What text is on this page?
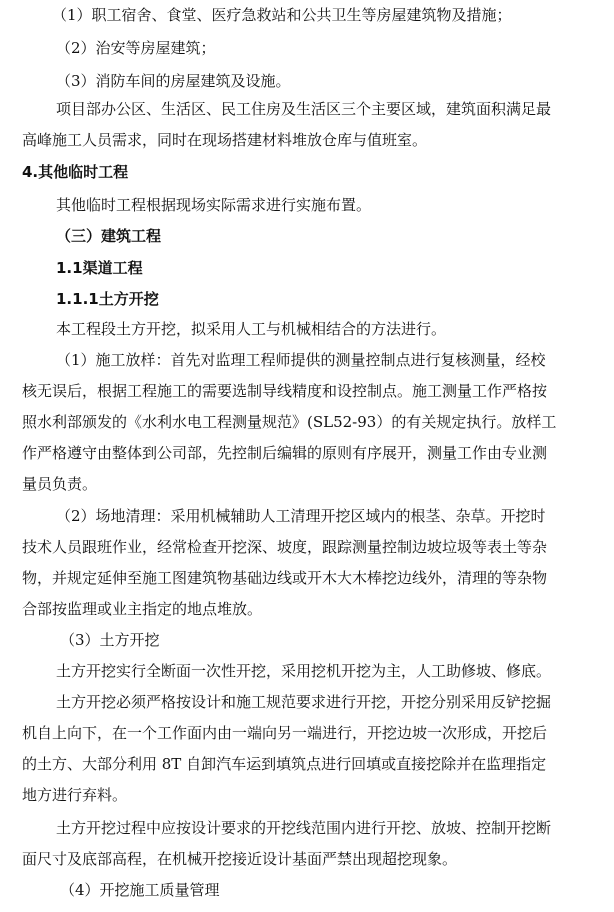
（1）职工宿舍、食堂、医疗急救站和公共卫生等房屋建筑物及措施；
（2）治安等房屋建筑；
（3）消防车间的房屋建筑及设施。
项目部办公区、生活区、民工住房及生活区三个主要区域，建筑面积满足最
高峰施工人员需求，同时在现场搭建材料堆放仓库与值班室。
4.其他临时工程
其他临时工程根据现场实际需求进行实施布置。
（三）建筑工程
1.1渠道工程
1.1.1土方开挖
本工程段土方开挖，拟采用人工与机械相结合的方法进行。
（1）施工放样：首先对监理工程师提供的测量控制点进行复核测量，经校
核无误后，根据工程施工的需要选制导线精度和设控制点。施工测量工作严格按
照水利部颁发的《水利水电工程测量规范》(SL52-93）的有关规定执行。放样工
作严格遵守由整体到公司部，先控制后编辑的原则有序展开，测量工作由专业测
量员负责。
（2）场地清理：采用机械辅助人工清理开挖区域内的根茎、杂草。开挖时
技术人员跟班作业，经常检查开挖深、坡度，跟踪测量控制边坡垃圾等表土等杂
物，并规定延伸至施工图建筑物基础边线或开木大木棒挖边线外，清理的等杂物
合部按监理或业主指定的地点堆放。
（3）土方开挖
土方开挖实行全断面一次性开挖，采用挖机开挖为主，人工助修坡、修底。
土方开挖必须严格按设计和施工规范要求进行开挖，开挖分别采用反铲挖掘
机自上向下，在一个工作面内由一端向另一端进行，开挖边坡一次形成，开挖后
的土方、大部分利用 8T 自卸汽车运到填筑点进行回填或直接挖除并在监理指定
地方进行弃料。
土方开挖过程中应按设计要求的开挖线范围内进行开挖、放坡、控制开挖断
面尺寸及底部高程，在机械开挖接近设计基面严禁出现超挖现象。
（4）开挖施工质量管理
